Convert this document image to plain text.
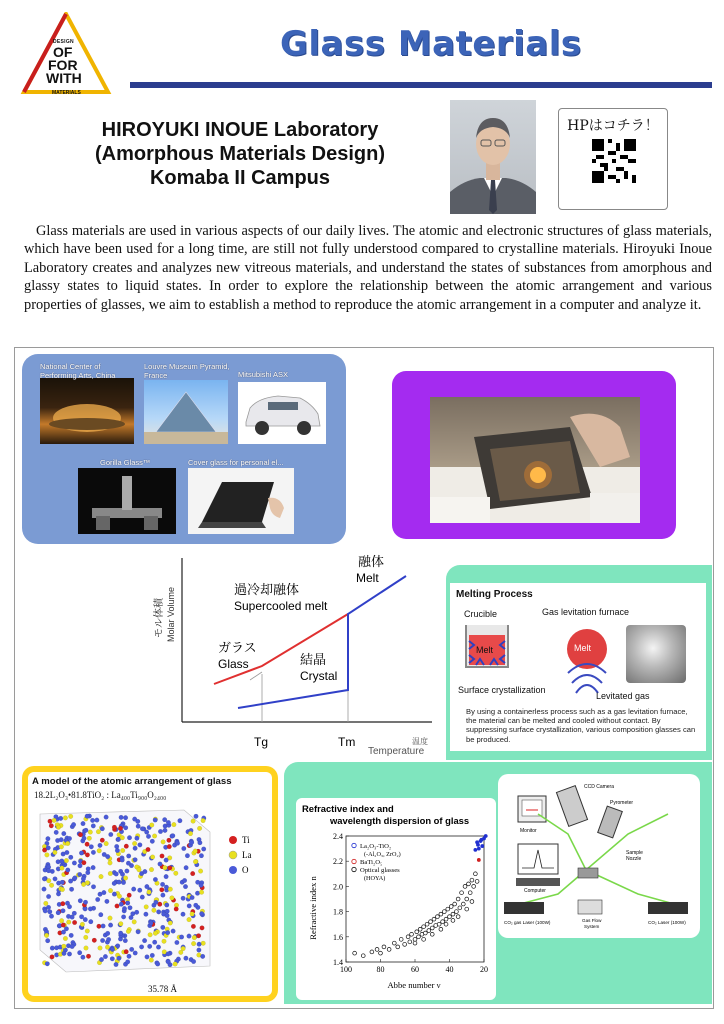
DESIGN
OF
FOR
WITH
MATERIALS
Glass Materials
HIROYUKI INOUE Laboratory
(Amorphous Materials Design)
Komaba II Campus
HPはコチラ！
Glass materials are used in various aspects of our daily lives. The atomic and electronic structures of glass materials, which have been used for a long time, are still not fully understood compared to crystalline materials. Hiroyuki Inoue Laboratory creates and analyzes new vitreous materials, and understand the states of substances from amorphous and glassy states to liquid states. In order to explore the relationship between the atomic arrangement and various properties of glasses, we aim to establish a method to reproduce the atomic arrangement in a computer and analyze it.
National Center of Performing Arts, China
Louvre Museum Pyramid, France	Mitsubishi ASX
Gorilla Glass™	Cover glass for personal el...
モル体積 Molar Volume
Tg	Tm	温度
Temperature
融体
Melt
過冷却融体
Supercooled melt
ガラス
Glass	結晶
Crystal
Melting Process
Crucible	Gas levitation furnace
Melt	Melt
Surface crystallization
Levitated gas
By using a containerless process such as a gas levitation furnace, the material can be melted and cooled without contact. By suppressing surface crystallization, various composition glasses can be produced.
A model of the atomic arrangement of glass
18.2L₂O₃•81.8TiO₂ : La₄₀₀Ti₉₀₀O₂₄₀₀
Ti
La
O
35.78 Å
Refractive index and
wavelength dispersion of glass
100	80	60	40	20
1.4
1.6
1.8
2.0
2.2
2.4
La₂O₃-TiO₂
(-Al₂O₃, ZrO₂)
BaTi₂O₅
Optical glasses
(HOYA)
Refractive index n
Abbe number ν
Monitor
CCD Camera
Pyrometer
Computer
Sample
Nozzle
CO₂ gas Laser (100W)	CO₂ Laser (100W)
Gas Flow
System
